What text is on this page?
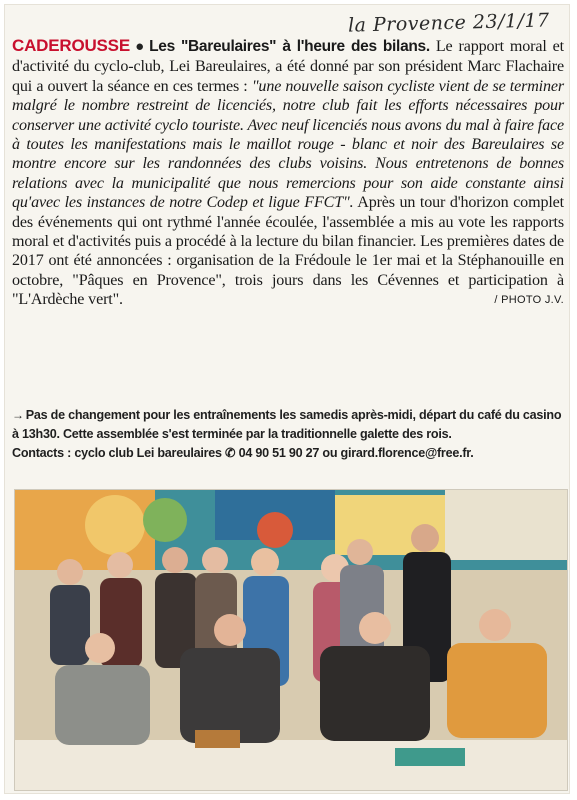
la Provence 23/1/17
CADEROUSSE ● Les "Bareulaires" à l'heure des bilans. Le rapport moral et d'activité du cyclo-club, Lei Bareulaires, a été donné par son président Marc Flachaire qui a ouvert la séance en ces termes : "une nouvelle saison cycliste vient de se terminer malgré le nombre restreint de licenciés, notre club fait les efforts nécessaires pour conserver une activité cyclo touriste. Avec neuf licenciés nous avons du mal à faire face à toutes les manifestations mais le maillot rouge - blanc et noir des Bareulaires se montre encore sur les randonnées des clubs voisins. Nous entretenons de bonnes relations avec la municipalité que nous remercions pour son aide constante ainsi qu'avec les instances de notre Codep et ligue FFCT". Après un tour d'horizon complet des événements qui ont rythmé l'année écoulée, l'assemblée a mis au vote les rapports moral et d'activités puis a procédé à la lecture du bilan financier. Les premières dates de 2017 ont été annoncées : organisation de la Frédoule le 1er mai et la Stéphanouille en octobre, "Pâques en Provence", trois jours dans les Cévennes et participation à "L'Ardèche vert".	/ PHOTO J.V.
→ Pas de changement pour les entraînements les samedis après-midi, départ du café du casino à 13h30. Cette assemblée s'est terminée par la traditionnelle galette des rois.
Contacts : cyclo club Lei bareulaires ✆ 04 90 51 90 27 ou girard.florence@free.fr.
